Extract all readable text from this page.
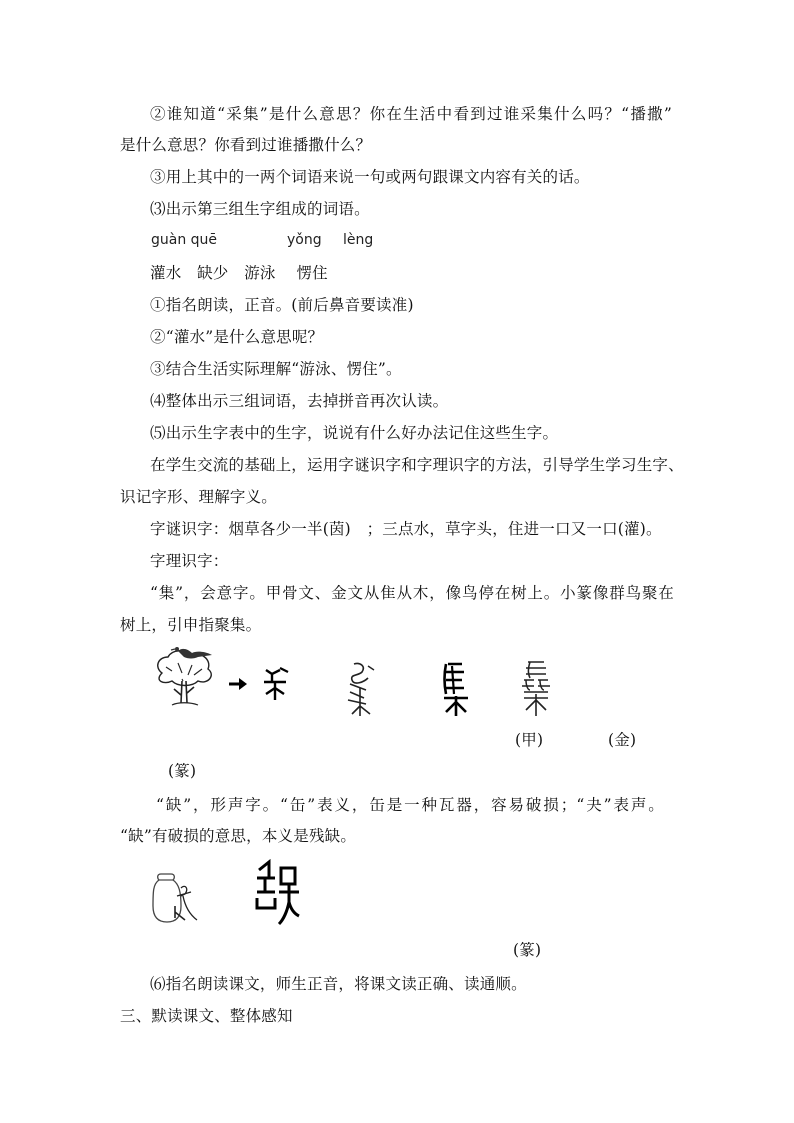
②谁知道“采集”是什么意思？你在生活中看到过谁采集什么吗？“播撒”
是什么意思？你看到过谁播撒什么？
③用上其中的一两个词语来说一句或两句跟课文内容有关的话。
⑶出示第三组生字组成的词语。
guàn quē	yǒng lèng
灌水　缺少　游泳　 愣住
①指名朗读，正音。(前后鼻音要读准)
②“灌水”是什么意思呢？
③结合生活实际理解“游泳、愣住”。
⑷整体出示三组词语，去掉拼音再次认读。
⑸出示生字表中的生字，说说有什么好办法记住这些生字。
在学生交流的基础上，运用字谜识字和字理识字的方法，引导学生学习生字、
识记字形、理解字义。
字谜识字：烟草各少一半(茵)　；三点水，草字头，住进一口又一口(灌)。
字理识字：
“集”，会意字。甲骨文、金文从隹从木，像鸟停在树上。小篆像群鸟聚在
树上，引申指聚集。
(甲)	(金)
(篆)
“缺”，形声字。“缶”表义，缶是一种瓦器，容易破损；“夬”表声。
“缺”有破损的意思，本义是残缺。
(篆)
⑹指名朗读课文，师生正音，将课文读正确、读通顺。
三、默读课文、整体感知
